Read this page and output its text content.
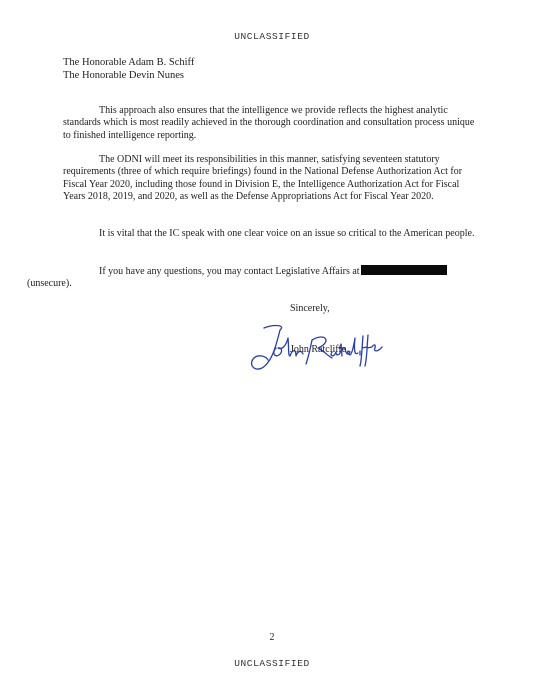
UNCLASSIFIED
The Honorable Adam B. Schiff
The Honorable Devin Nunes

This approach also ensures that the intelligence we provide reflects the highest analytic standards which is most readily achieved in the thorough coordination and consultation process unique to finished intelligence reporting.

The ODNI will meet its responsibilities in this manner, satisfying seventeen statutory requirements (three of which require briefings) found in the National Defense Authorization Act for Fiscal Year 2020, including those found in Division E, the Intelligence Authorization Act for Fiscal Years 2018, 2019, and 2020, as well as the Defense Appropriations Act for Fiscal Year 2020.

It is vital that the IC speak with one clear voice on an issue so critical to the American people.

If you have any questions, you may contact Legislative Affairs at
(unsecure).

Sincerely,
John Ratcliffe
2
UNCLASSIFIED
